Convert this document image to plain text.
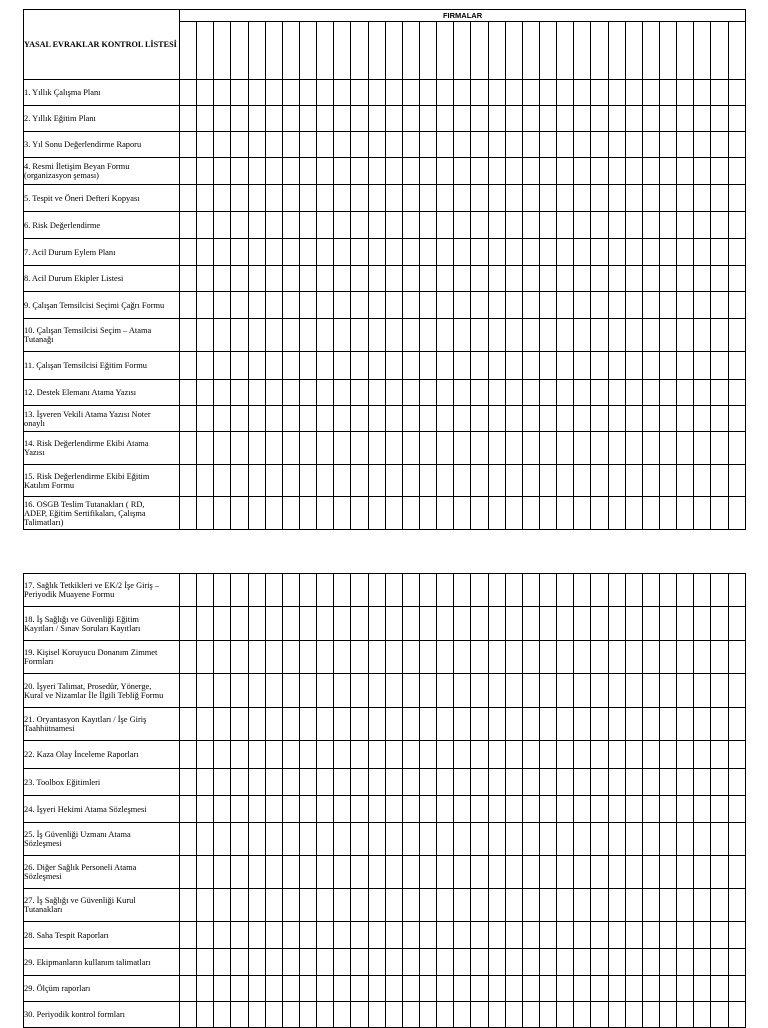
YASAL EVRAKLAR KONTROL LİSTESİ	FIRMALAR																																

1. Yıllık Çalışma Planı																																	
2. Yıllık Eğitim Planı																																	
3. Yıl Sonu Değerlendirme Raporu																																	
4. Resmi İletişim Beyan Formu
(organizasyon şeması)																																	
5. Tespit ve Öneri Defteri Kopyası																																	
6. Risk Değerlendirme																																	
7. Acil Durum Eylem Planı																																	
8. Acil Durum Ekipler Listesi																																	
9. Çalışan Temsilcisi Seçimi Çağrı Formu																																	
10. Çalışan Temsilcisi Seçim – Atama
Tutanağı																																	
11. Çalışan Temsilcisi Eğitim Formu																																	
12. Destek Elemanı Atama Yazısı																																	
13. İşveren Vekili Atama Yazısı Noter
onaylı																																	
14. Risk Değerlendirme Ekibi Atama
Yazısı																																	
15. Risk Değerlendirme Ekibi Eğitim
Katılım Formu																																	
16. OSGB Teslim Tutanakları ( RD,
ADEP, Eğitim Sertifikaları, Çalışma
Talimatları)																																	
17. Sağlık Tetkikleri ve EK/2 İşe Giriş –
Periyodik Muayene Formu																																	
18. İş Sağlığı ve Güvenliği Eğitim
Kayıtları / Sınav Soruları Kayıtları																																	
19. Kişisel Koruyucu Donanım Zimmet
Formları																																	
20. İşyeri Talimat, Prosedür, Yönerge,
Kural ve Nizamlar İle İlgili Tebliğ Formu																																	
21. Oryantasyon Kayıtları / İşe Giriş
Taahhütnamesi																																	
22. Kaza Olay İnceleme Raporları																																	
23. Toolbox Eğitimleri																																	
24. İşyeri Hekimi Atama Sözleşmesi																																	
25. İş Güvenliği Uzmanı Atama
Sözleşmesi																																	
26. Diğer Sağlık Personeli Atama
Sözleşmesi																																	
27. İş Sağlığı ve Güvenliği Kurul
Tutanakları																																	
28. Saha Tespit Raporları																																	
29. Ekipmanların kullanım talimatları																																	
29. Ölçüm raporları																																	
30. Periyodik kontrol formları																																	
